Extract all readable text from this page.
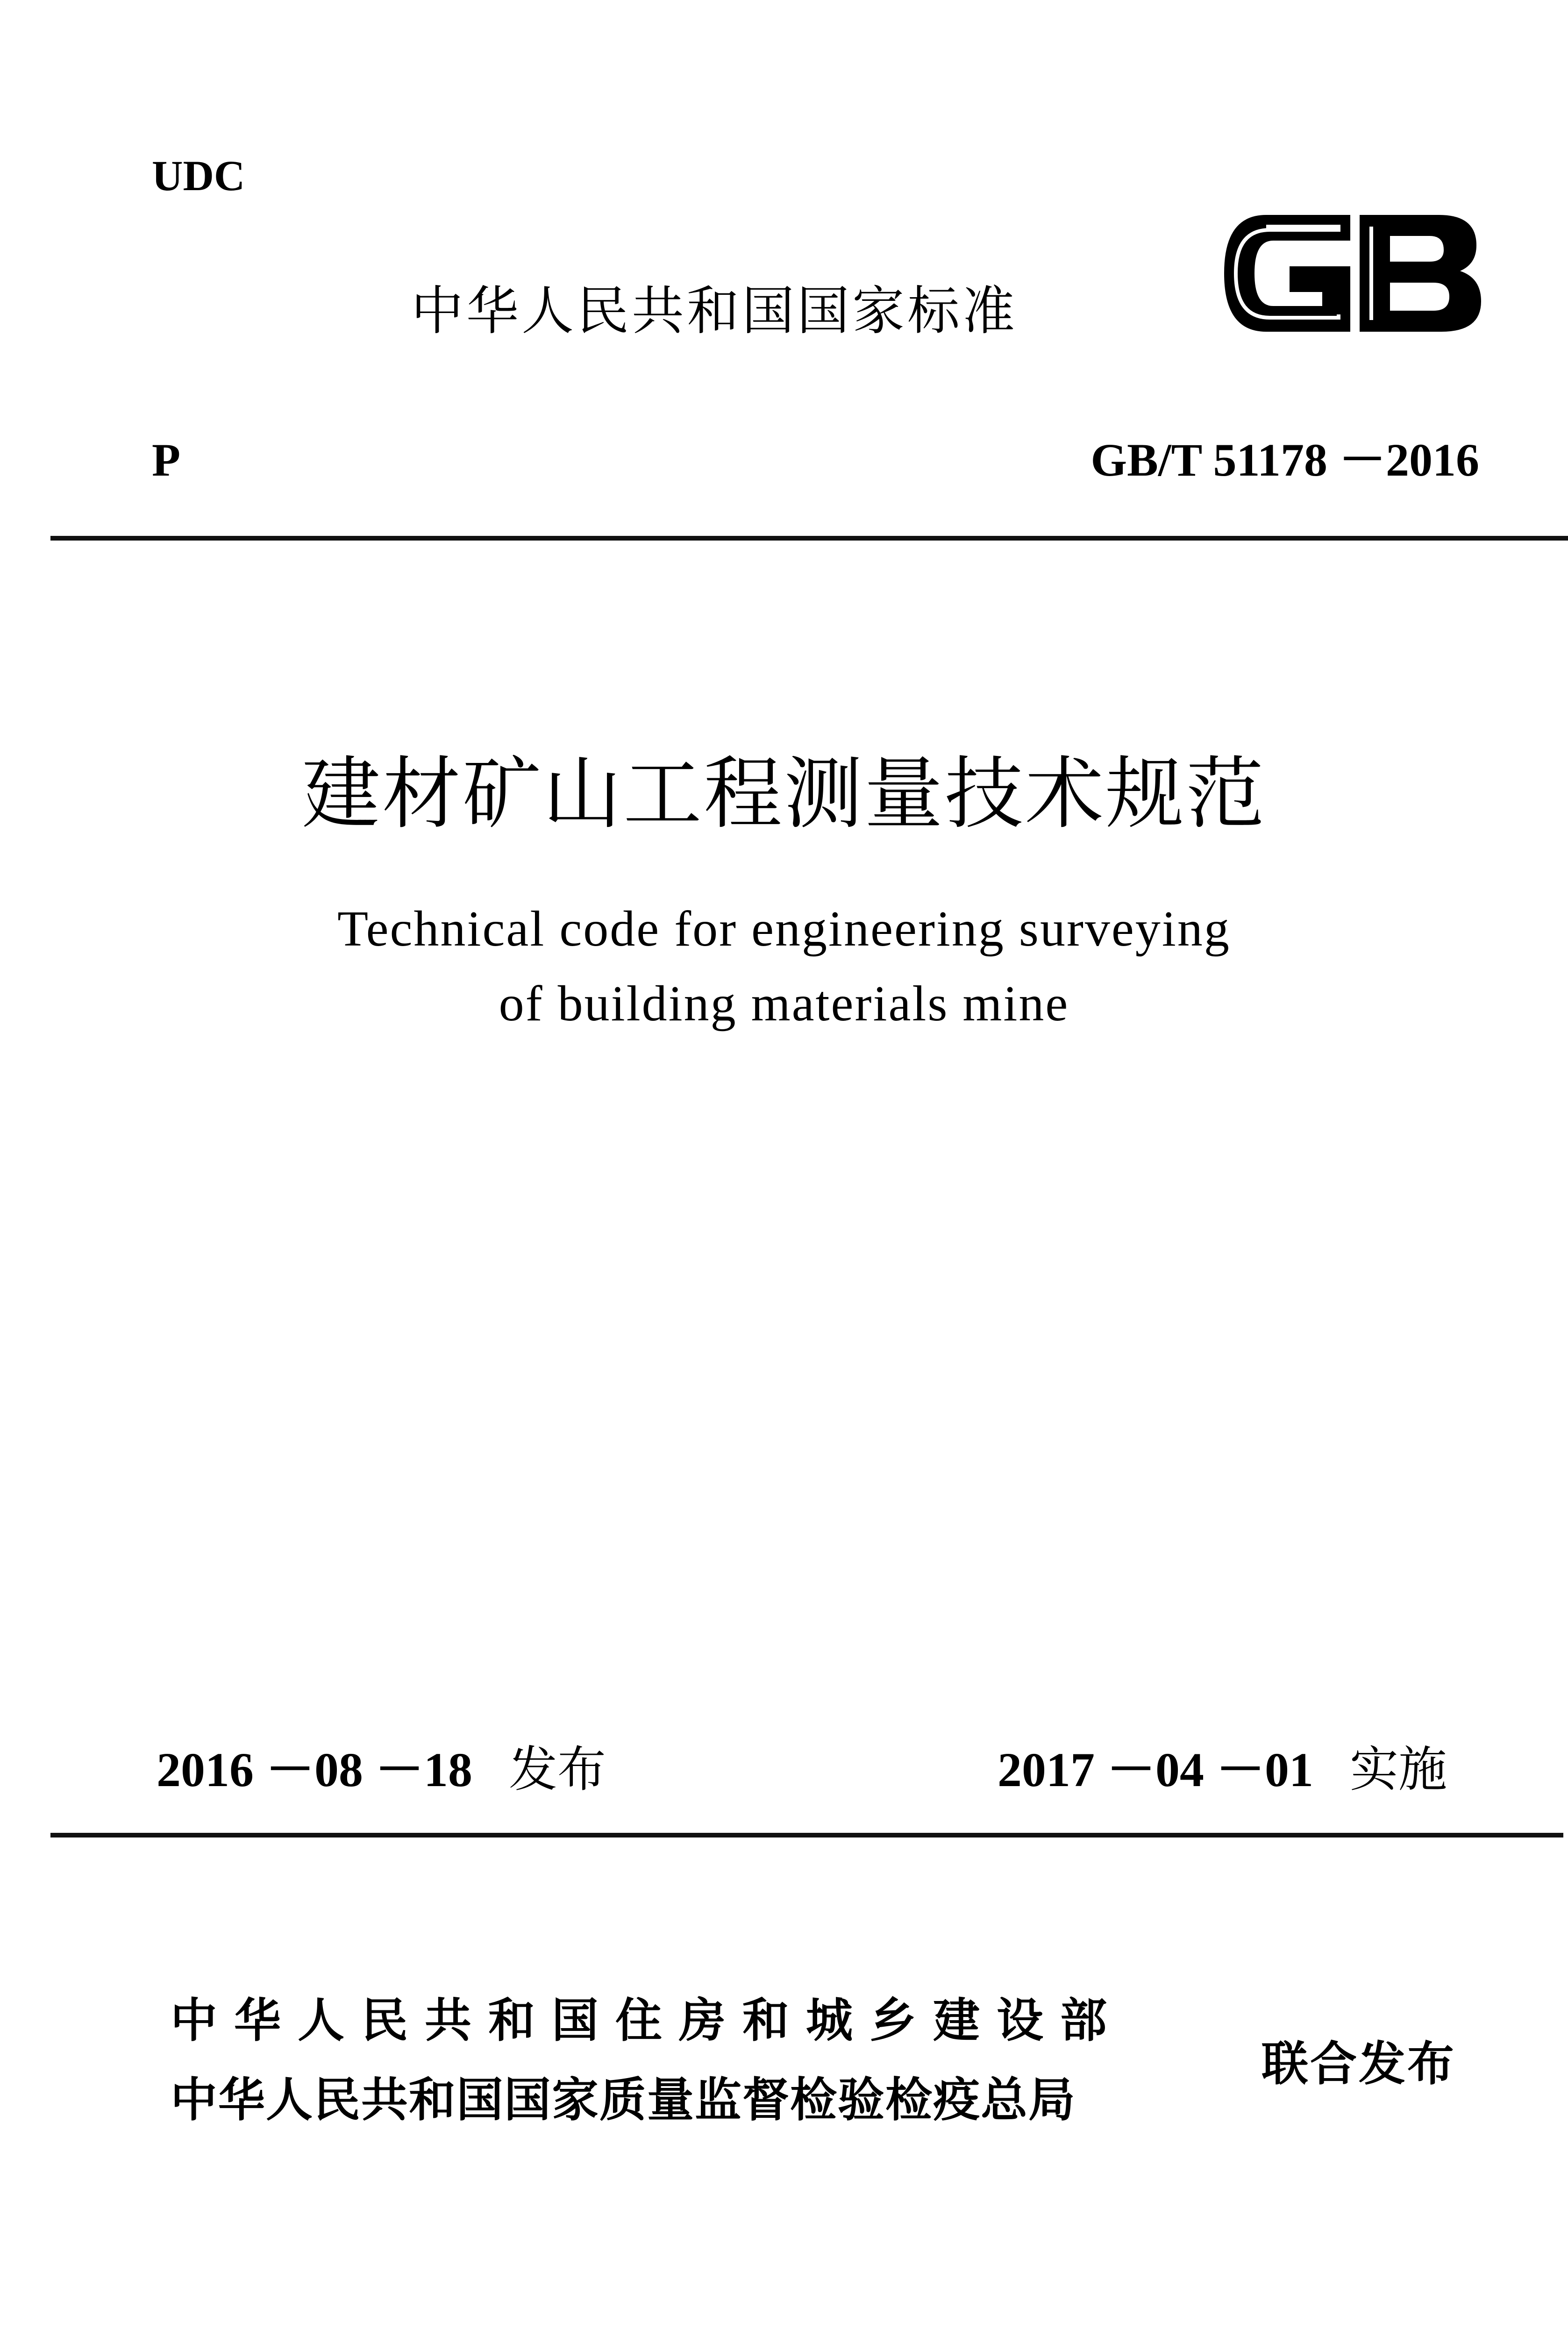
UDC
中华人民共和国国家标准
P	GB/T 51178 －2016
建材矿山工程测量技术规范
Technical code for engineering surveying
of building materials mine
2016 －08 －18 发布	2017 －04 －01 实施
中华人民共和国住房和城乡建设部
中华人民共和国国家质量监督检验检疫总局
联合发布
